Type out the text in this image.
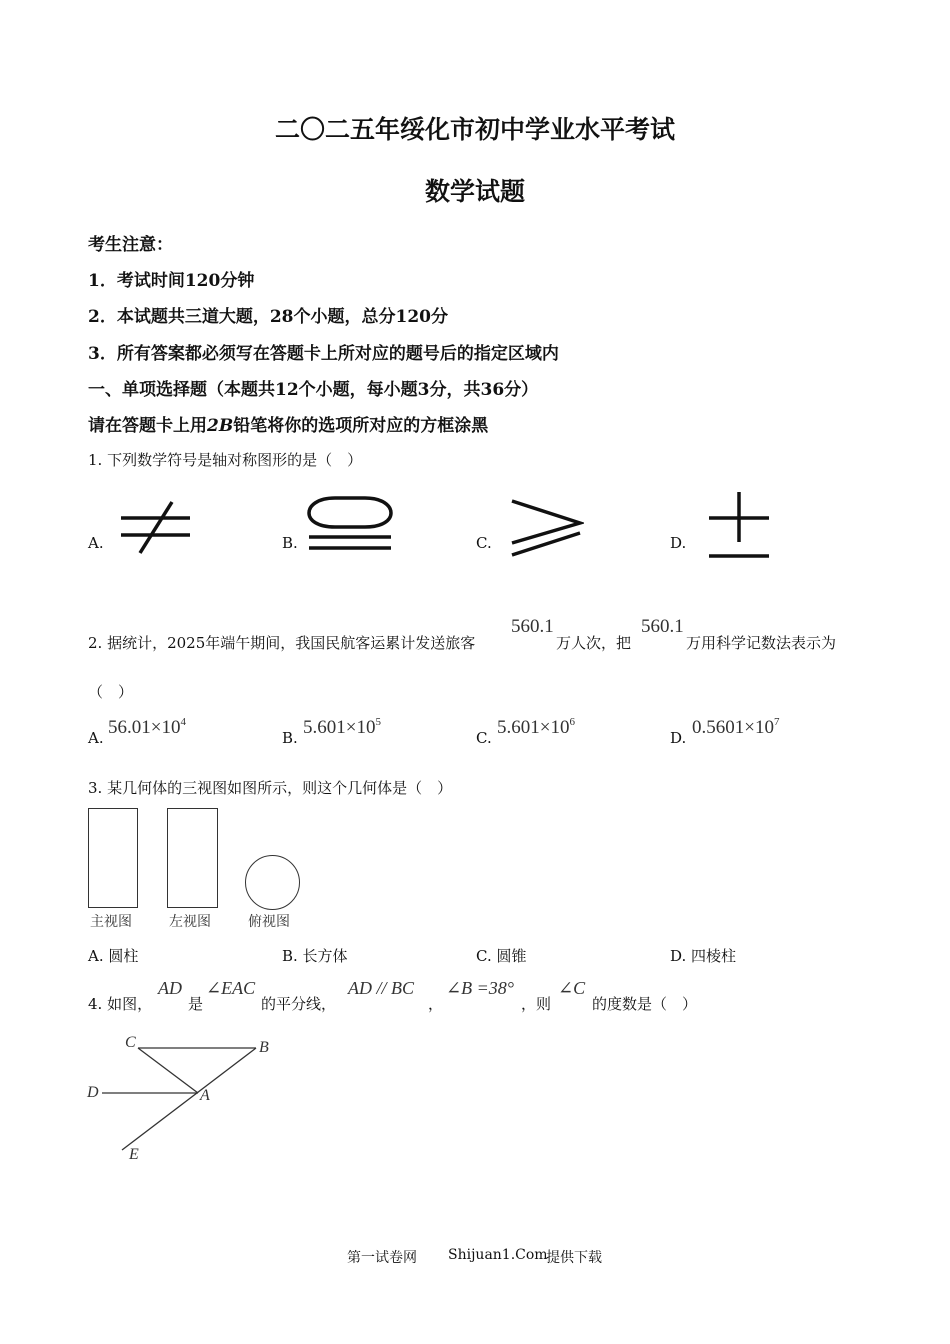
二〇二五年绥化市初中学业水平考试
数学试题
考生注意：
1．考试时间120分钟
2．本试题共三道大题，28个小题，总分120分
3．所有答案都必须写在答题卡上所对应的题号后的指定区域内
一、单项选择题（本题共12个小题，每小题3分，共36分）
请在答题卡上用2B铅笔将你的选项所对应的方框涂黑
1. 下列数学符号是轴对称图形的是（　）
A.	B.	C.	D.
2. 据统计，2025年端午期间，我国民航客运累计发送旅客
560.1
万人次，把
560.1
万用科学记数法表示为
（　）
A. $56.01\times 10^4$
B. $5.601\times 10^5$
C. $5.601\times 10^6$
D. $0.5601\times 10^7$
3. 某几何体的三视图如图所示，则这个几何体是（　）
主视图	左视图	俯视图
A. 圆柱	B. 长方体	C. 圆锥	D. 四棱柱
4. 如图，
AD
是
∠EAC
的平分线，
AD // BC
，
∠B =38°
，则
∠C
的度数是（　）
C	B
D	A
E
第一试卷网 Shijuan1.Com
提供下载
